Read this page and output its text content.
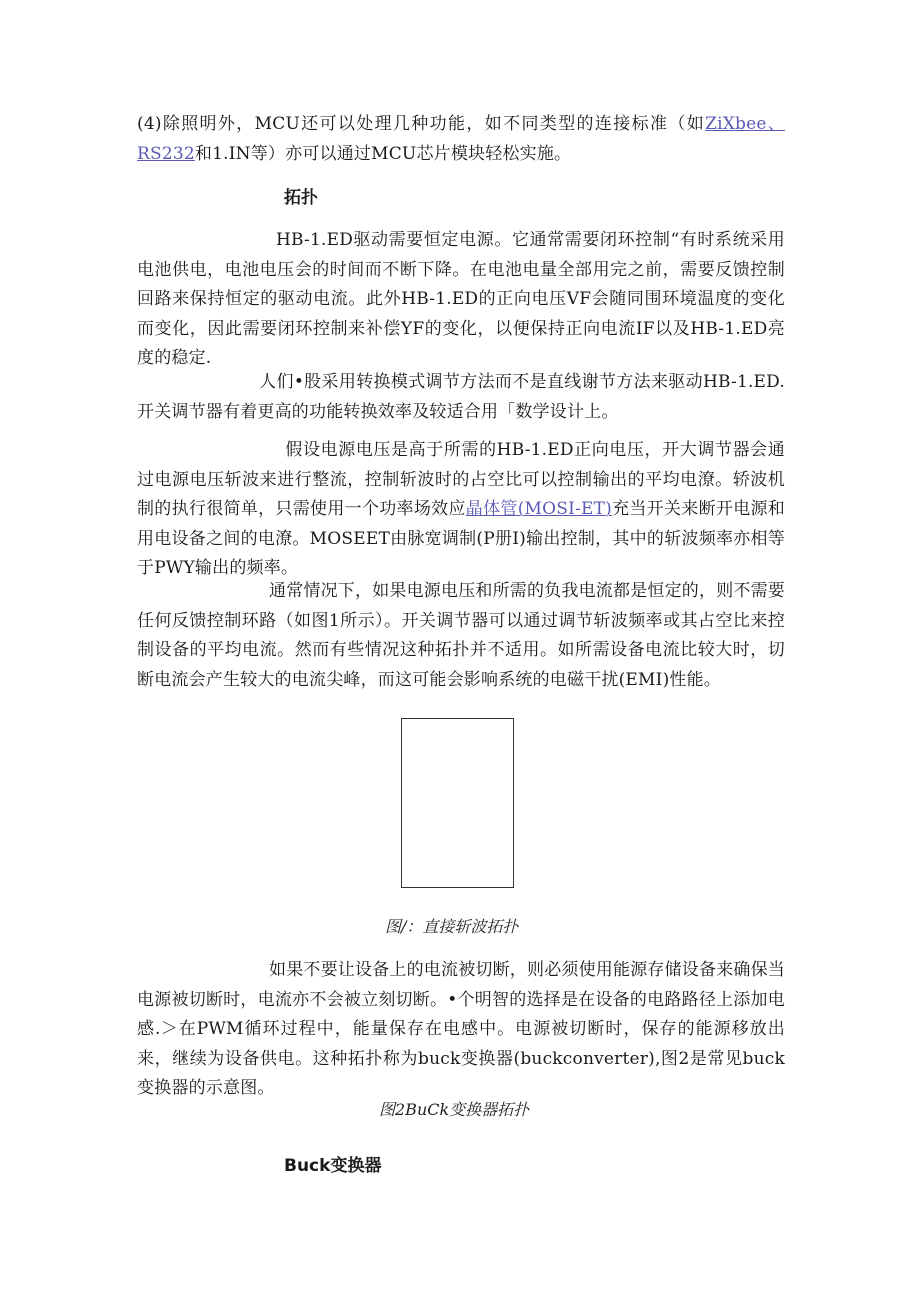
(4)除照明外，MCU还可以处理几种功能，如不同类型的连接标准（如ZiXbee、RS232和1.IN等）亦可以通过MCU芯片模块轻松实施。

拓扑

HB-1.ED驱动需要恒定电源。它通常需要闭环控制“有时系统采用电池供电，电池电压会的时间而不断下降。在电池电量全部用完之前，需要反馈控制回路来保持恒定的驱动电流。此外HB-1.ED的正向电压VF会随同围环境温度的变化而变化，因此需要闭环控制来补偿YF的变化，以便保持正向电流IF以及HB-1.ED亮度的稳定.

人们•股采用转换模式调节方法而不是直线谢节方法来驱动HB-1.ED.开关调节器有着更高的功能转换效率及较适合用「数学设计上。

假设电源电压是高于所需的HB-1.ED正向电压，开大调节器会通过电源电压斩波来进行整流，控制斩波时的占空比可以控制输出的平均电潦。轿波机制的执行很简单，只需使用一个功率场效应晶体管(MOSI-ET)充当开关来断开电源和用电设备之间的电潦。MOSEET由脉宽调制(P册I)输出控制，其中的斩波频率亦相等于PWY输出的频率。

通常情况下，如果电源电压和所需的负我电流都是恒定的，则不需要任何反馈控制环路（如图1所示）。开关调节器可以通过调节斩波频率或其占空比来控制设备的平均电流。然而有些情况这种拓扑并不适用。如所需设备电流比较大时，切断电流会产生较大的电流尖峰，而这可能会影响系统的电磁干扰(EMI)性能。

图/：直接斩波拓扑

如果不要让设备上的电流被切断，则必须使用能源存储设备来确保当电源被切断时，电流亦不会被立刻切断。•个明智的选择是在设备的电路路径上添加电感.＞在PWM循环过程中，能量保存在电感中。电源被切断时，保存的能源移放出来，继续为设备供电。这种拓扑称为buck变换器(buckconverter),图2是常见buck变换器的示意图。

图2BuCk变换器拓扑

Buck变换器
